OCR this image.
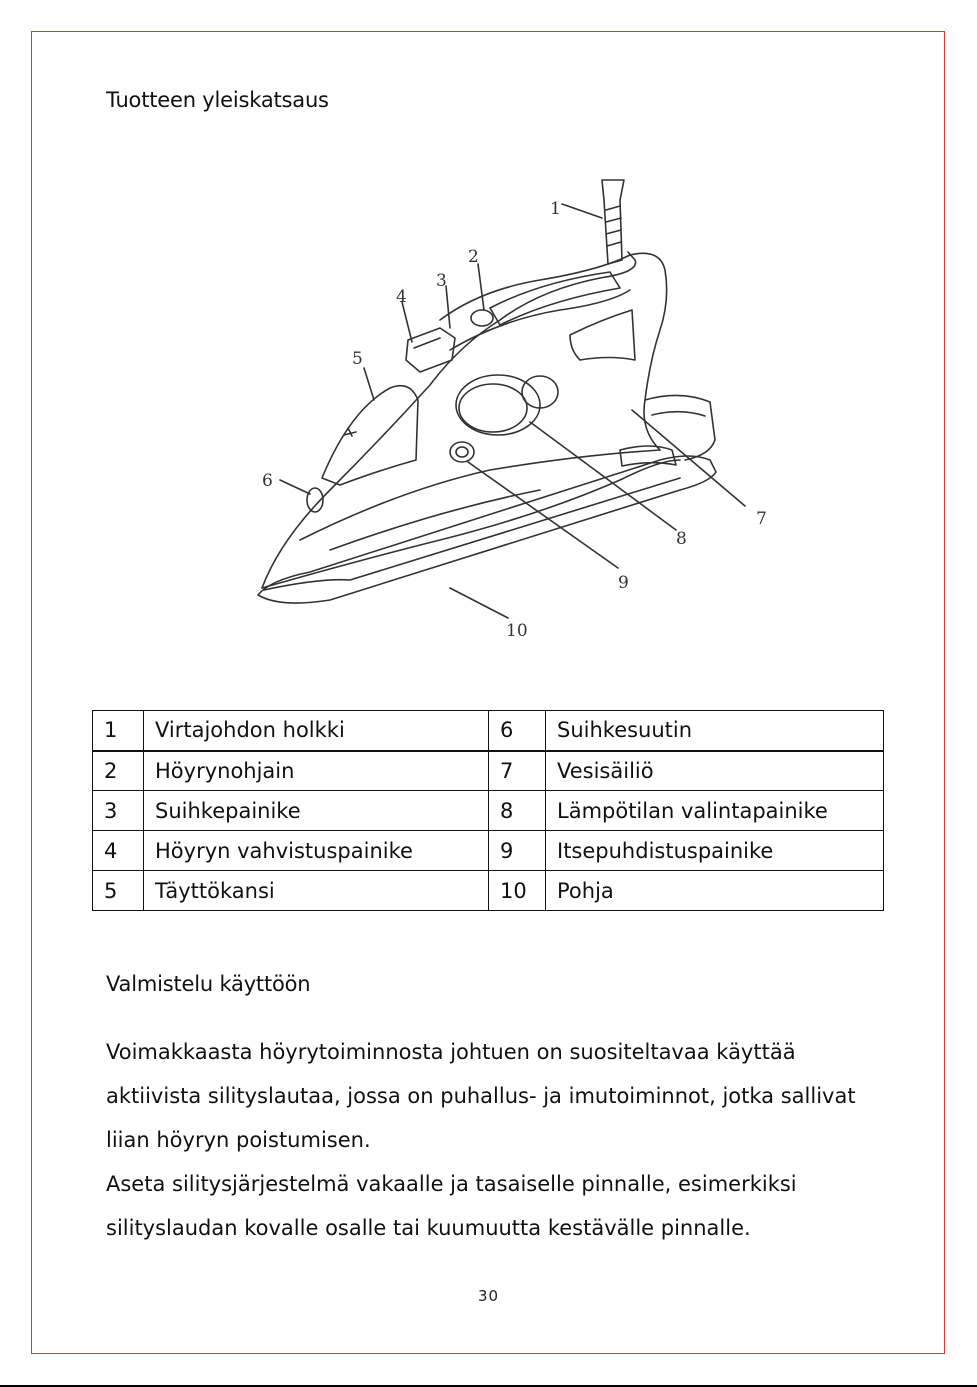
Tuotteen yleiskatsaus
1
2
3
4
5
6
7
8
9
10
1	Virtajohdon holkki	6	Suihkesuutin
2	Höyrynohjain	7	Vesisäiliö
3	Suihkepainike	8	Lämpötilan valintapainike
4	Höyryn vahvistuspainike	9	Itsepuhdistuspainike
5	Täyttökansi	10	Pohja
Valmistelu käyttöön

Voimakkaasta höyrytoiminnosta johtuen on suositeltavaa käyttää aktiivista silityslautaa, jossa on puhallus- ja imutoiminnot, jotka sallivat liian höyryn poistumisen.

Aseta silitysjärjestelmä vakaalle ja tasaiselle pinnalle, esimerkiksi silityslaudan kovalle osalle tai kuumuutta kestävälle pinnalle.

30
